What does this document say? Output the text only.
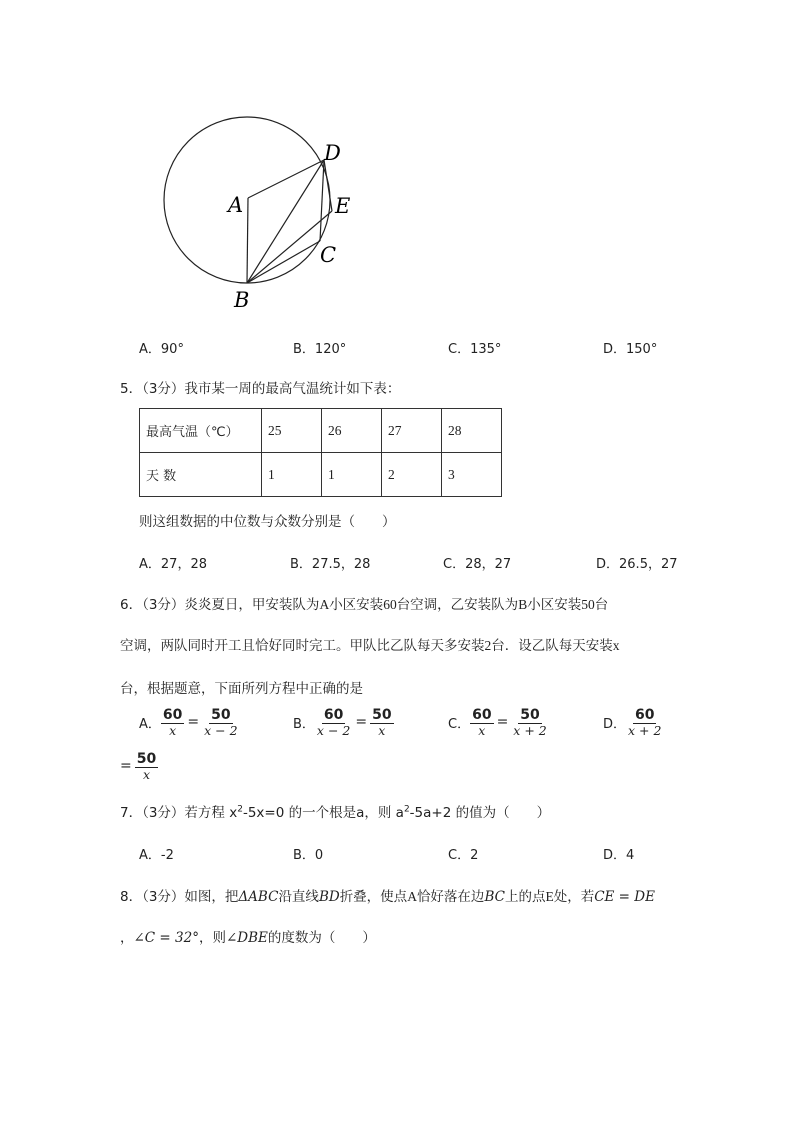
A
B
C
D
E
A．90°	B．120°	C．135°	D．150°
5．（3分）我市某一周的最高气温统计如下表：
最高气温（℃）	25	26	27	28
天 数	1	1	2	3
则这组数据的中位数与众数分别是（　　）
A．27，28	B．27.5，28	C．28，27	D．26.5，27
6．（3分）炎炎夏日，甲安装队为A小区安装60台空调，乙安装队为B小区安装50台
空调，两队同时开工且恰好同时完工。甲队比乙队每天多安装2台．设乙队每天安装x
台，根据题意，下面所列方程中正确的是
A． $\frac{60}{x} = \frac{50}{x - 2}$	B． $\frac{60}{x - 2} = \frac{50}{x}$	C． $\frac{60}{x} = \frac{50}{x + 2}$	D． $\frac{60}{x + 2}$
= $\frac{50}{x}$
7．（3分）若方程 $x^2-5x=0$ 的一个根是a，则 $a^2-5a+2$ 的值为（　　）
A．-2	B．0	C．2	D．4
8．（3分）如图，把ΔABC沿直线BD折叠，使点A恰好落在边BC上的点E处，若CE = DE
，∠C = 32°，则∠DBE的度数为（　　）
